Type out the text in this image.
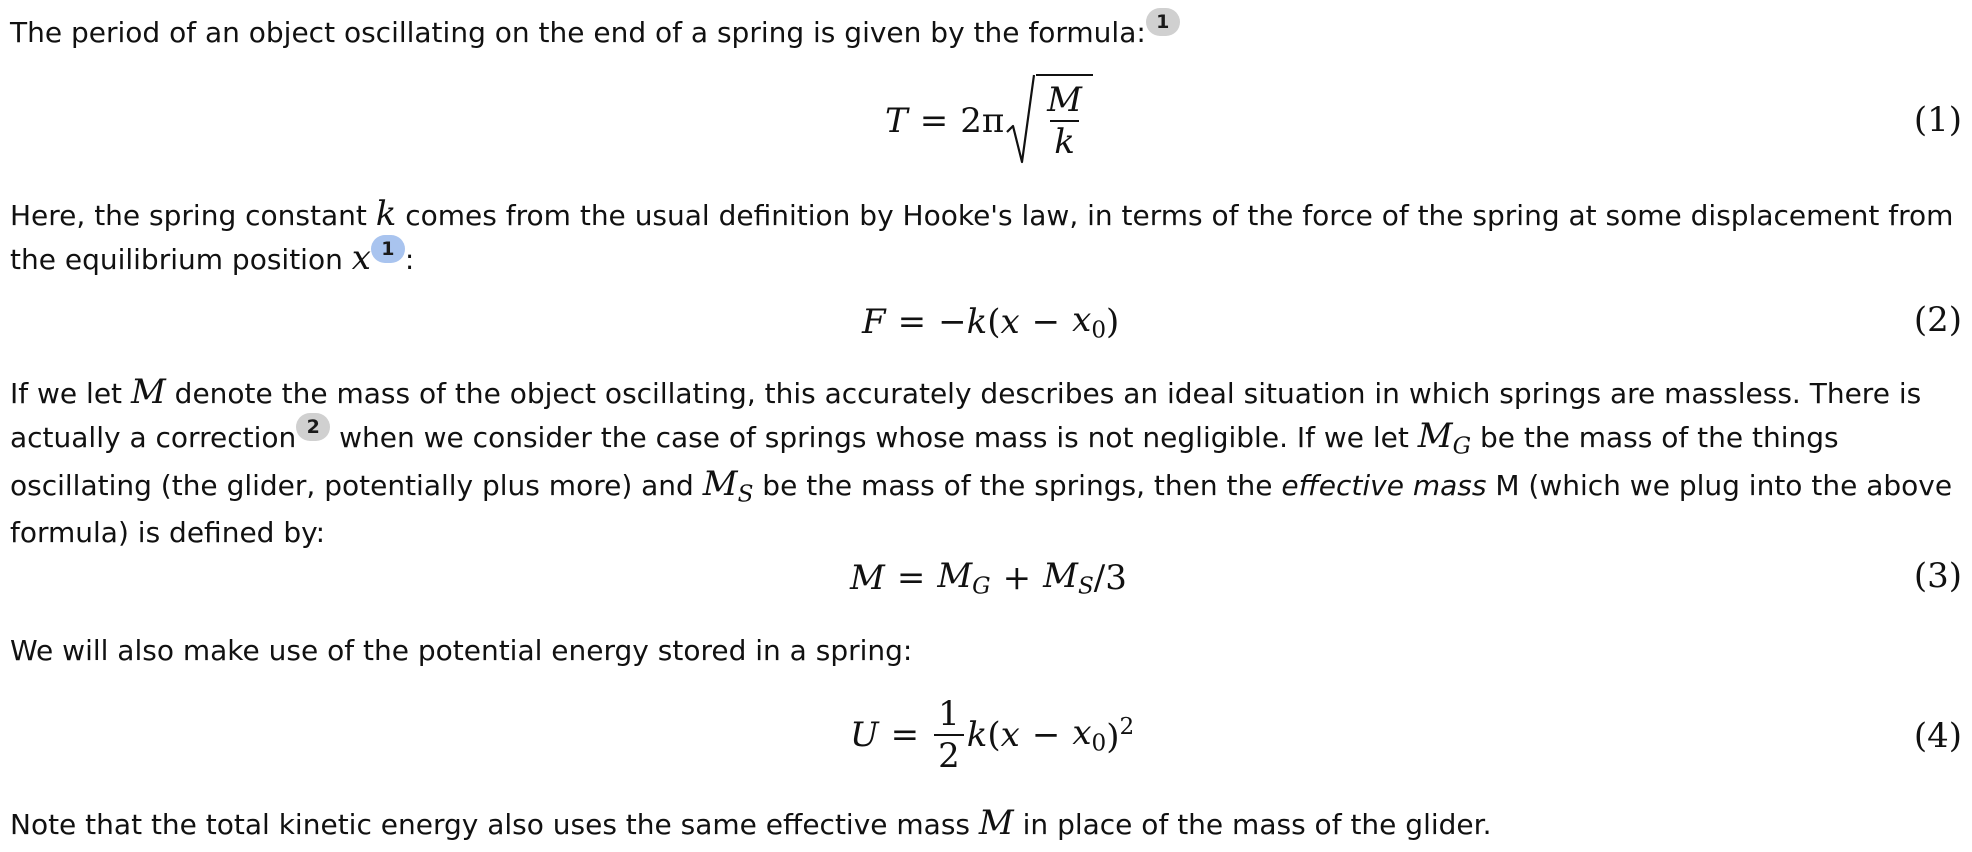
The period of an object oscillating on the end of a spring is given by the formula: 1

Here, the spring constant k comes from the usual definition by Hooke's law, in terms of the force of the spring at some displacement from the equilibrium position x 1 :

If we let M denote the mass of the object oscillating, this accurately describes an ideal situation in which springs are massless. There is actually a correction 2 when we consider the case of springs whose mass is not negligible. If we let $M_G$ be the mass of the things oscillating (the glider, potentially plus more) and $M_S$ be the mass of the springs, then the effective mass M (which we plug into the above formula) is defined by:

We will also make use of the potential energy stored in a spring:

Note that the total kinetic energy also uses the same effective mass M in place of the mass of the glider.

$T = 2\pi \frac{M}{k}$	(1)
F = − k ( x − x0 )	(2)
$M = M_G + M_S$ /3	(3)
$U = \frac{1}{2}$ k ( x − x0 )$^2$	(4)
